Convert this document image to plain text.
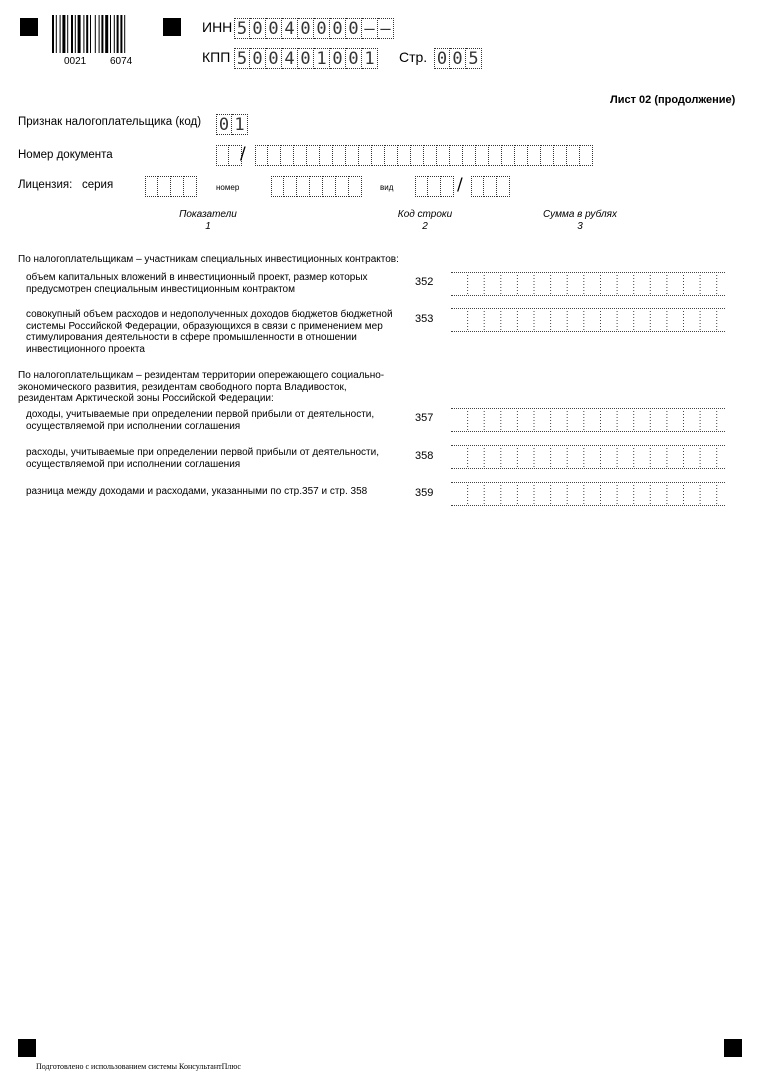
0021 6074
ИНН 5 0 0 4 0 0 0 0 – –
КПП 5 0 0 4 0 1 0 0 1 Стр. 0 0 5
Лист 02 (продолжение)
Признак налогоплательщика (код) 0 1
Номер документа	/
Лицензия: серия	номер	вид	/
Показатели
1
Код строки
2
Сумма в рублях
3
По налогоплательщикам – участникам специальных инвестиционных контрактов:
объем капитальных вложений в инвестиционный проект, размер которых
предусмотрен специальным инвестиционным контрактом
352
совокупный объем расходов и недополученных доходов бюджетов бюджетной
системы Российской Федерации, образующихся в связи с применением мер
стимулирования деятельности в сфере промышленности в отношении
инвестиционного проекта
353
По налогоплательщикам – резидентам территории опережающего социально-
экономического развития, резидентам свободного порта Владивосток,
резидентам Арктической зоны Российской Федерации:
доходы, учитываемые при определении первой прибыли от деятельности,
осуществляемой при исполнении соглашения
357
расходы, учитываемые при определении первой прибыли от деятельности,
осуществляемой при исполнении соглашения
358
разница между доходами и расходами, указанными по стр.357 и стр. 358	359
Подготовлено с использованием системы КонсультантПлюс
